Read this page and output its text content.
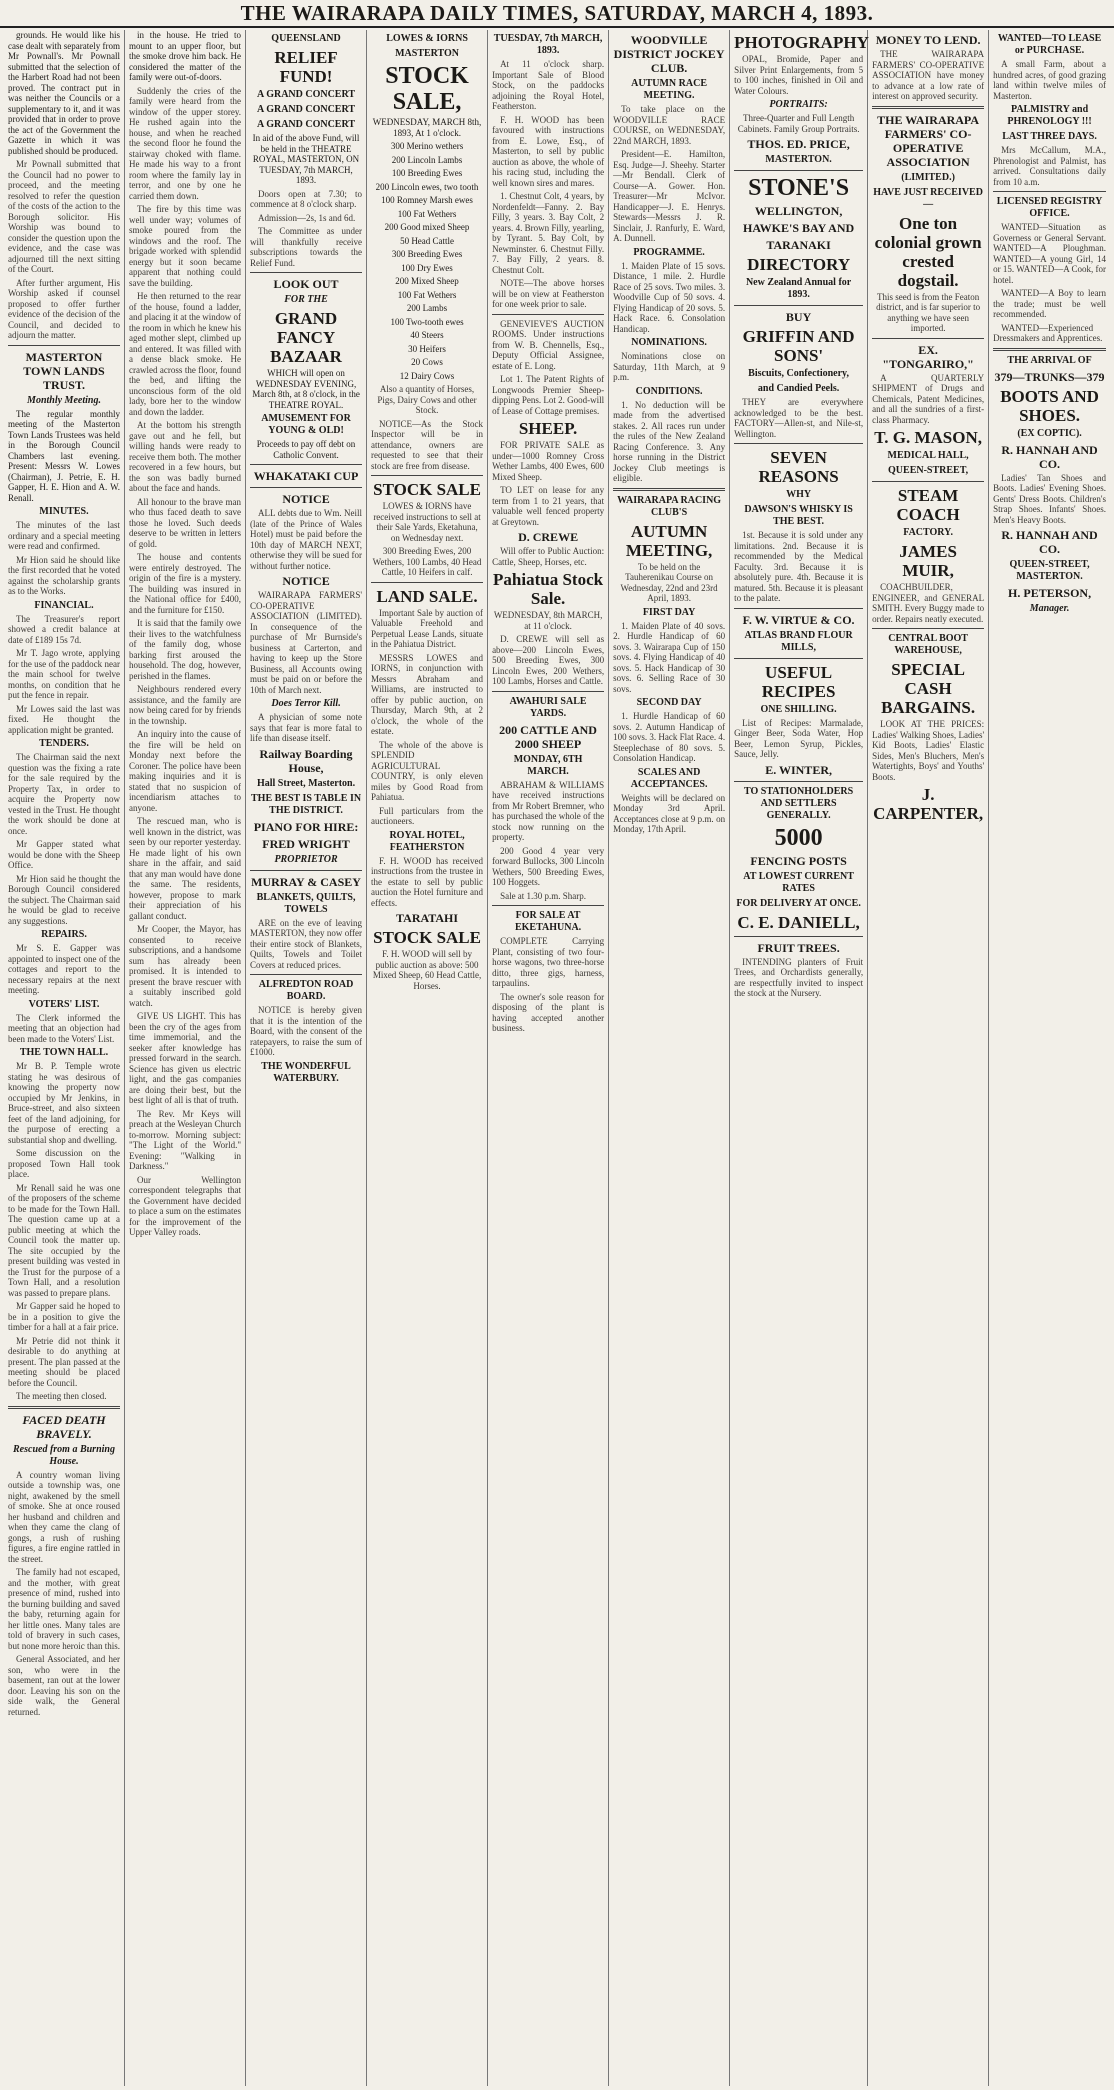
THE WAIRARAPA DAILY TIMES, SATURDAY, MARCH 4, 1893.

grounds. He would like his case dealt with separately from Mr Pownall's. Mr Pownall submitted that the selection of the Harbert Road had not been proved. The contract put in was neither the Councils or a supplementary to it, and it was provided that in order to prove the act of the Government the Gazette in which it was published should be produced.

Mr Pownall submitted that the Council had no power to proceed, and the meeting resolved to refer the question of the costs of the action to the Borough solicitor. His Worship was bound to consider the question upon the evidence, and the case was adjourned till the next sitting of the Court.

After further argument, His Worship asked if counsel proposed to offer further evidence of the decision of the Council, and decided to adjourn the matter.

MASTERTON TOWN LANDS TRUST.
Monthly Meeting.

The regular monthly meeting of the Masterton Town Lands Trustees was held in the Borough Council Chambers last evening. Present: Messrs W. Lowes (Chairman), J. Petrie, E. H. Gapper, H. E. Hion and A. W. Renall.

MINUTES.

The minutes of the last ordinary and a special meeting were read and confirmed.

Mr Hion said he should like the first recorded that he voted against the scholarship grants as to the Works.

FINANCIAL.

The Treasurer's report showed a credit balance at date of £189 15s 7d.

Mr T. Jago wrote, applying for the use of the paddock near the main school for twelve months, on condition that he put the fence in repair.

Mr Lowes said the last was fixed. He thought the application might be granted.

TENDERS.

The Chairman said the next question was the fixing a rate for the sale required by the Property Tax, in order to acquire the Property now vested in the Trust. He thought the work should be done at once.

Mr Gapper stated what would be done with the Sheep Office.

Mr Hion said he thought the Borough Council considered the subject. The Chairman said he would be glad to receive any suggestions.

REPAIRS.

Mr S. E. Gapper was appointed to inspect one of the cottages and report to the necessary repairs at the next meeting.

VOTERS' LIST.

The Clerk informed the meeting that an objection had been made to the Voters' List.

THE TOWN HALL.

Mr B. P. Temple wrote stating he was desirous of knowing the property now occupied by Mr Jenkins, in Bruce-street, and also sixteen feet of the land adjoining, for the purpose of erecting a substantial shop and dwelling.

Some discussion on the proposed Town Hall took place.

Mr Renall said he was one of the proposers of the scheme to be made for the Town Hall. The question came up at a public meeting at which the Council took the matter up. The site occupied by the present building was vested in the Trust for the purpose of a Town Hall, and a resolution was passed to prepare plans.

Mr Gapper said he hoped to be in a position to give the timber for a hall at a fair price.

Mr Petrie did not think it desirable to do anything at present. The plan passed at the meeting should be placed before the Council.

The meeting then closed.

FACED DEATH BRAVELY.
Rescued from a Burning House.

A country woman living outside a township was, one night, awakened by the smell of smoke. She at once roused her husband and children and when they came the clang of gongs, a rush of rushing figures, a fire engine rattled in the street.

The family had not escaped, and the mother, with great presence of mind, rushed into the burning building and saved the baby, returning again for her little ones. Many tales are told of bravery in such cases, but none more heroic than this.

General Associated, and her son, who were in the basement, ran out at the lower door. Leaving his son on the side walk, the General returned.

in the house. He tried to mount to an upper floor, but the smoke drove him back. He considered the matter of the family were out-of-doors.

Suddenly the cries of the family were heard from the window of the upper storey. He rushed again into the house, and when he reached the second floor he found the stairway choked with flame. He made his way to a front room where the family lay in terror, and one by one he carried them down.

The fire by this time was well under way; volumes of smoke poured from the windows and the roof. The brigade worked with splendid energy but it soon became apparent that nothing could save the building.

He then returned to the rear of the house, found a ladder, and placing it at the window of the room in which he knew his aged mother slept, climbed up and entered. It was filled with a dense black smoke. He crawled across the floor, found the bed, and lifting the unconscious form of the old lady, bore her to the window and down the ladder.

At the bottom his strength gave out and he fell, but willing hands were ready to receive them both. The mother recovered in a few hours, but the son was badly burned about the face and hands.

All honour to the brave man who thus faced death to save those he loved. Such deeds deserve to be written in letters of gold.

The house and contents were entirely destroyed. The origin of the fire is a mystery. The building was insured in the National office for £400, and the furniture for £150.

It is said that the family owe their lives to the watchfulness of the family dog, whose barking first aroused the household. The dog, however, perished in the flames.

Neighbours rendered every assistance, and the family are now being cared for by friends in the township.

An inquiry into the cause of the fire will be held on Monday next before the Coroner. The police have been making inquiries and it is stated that no suspicion of incendiarism attaches to anyone.

The rescued man, who is well known in the district, was seen by our reporter yesterday. He made light of his own share in the affair, and said that any man would have done the same. The residents, however, propose to mark their appreciation of his gallant conduct.

Mr Cooper, the Mayor, has consented to receive subscriptions, and a handsome sum has already been promised. It is intended to present the brave rescuer with a suitably inscribed gold watch.

GIVE US LIGHT. This has been the cry of the ages from time immemorial, and the seeker after knowledge has pressed forward in the search. Science has given us electric light, and the gas companies are doing their best, but the best light of all is that of truth.

The Rev. Mr Keys will preach at the Wesleyan Church to-morrow. Morning subject: "The Light of the World." Evening: "Walking in Darkness."

Our Wellington correspondent telegraphs that the Government have decided to place a sum on the estimates for the improvement of the Upper Valley roads.

QUEENSLAND
RELIEF FUND!
A GRAND CONCERT
A GRAND CONCERT
A GRAND CONCERT

In aid of the above Fund, will be held in the THEATRE ROYAL, MASTERTON, ON TUESDAY, 7th MARCH, 1893.

Doors open at 7.30; to commence at 8 o'clock sharp.

Admission—2s, 1s and 6d.

The Committee as under will thankfully receive subscriptions towards the Relief Fund.

LOOK OUT
FOR THE
GRAND FANCY BAZAAR

WHICH will open on WEDNESDAY EVENING, March 8th, at 8 o'clock, in the THEATRE ROYAL.

AMUSEMENT FOR YOUNG & OLD!

Proceeds to pay off debt on Catholic Convent.

WHAKATAKI CUP
NOTICE

ALL debts due to Wm. Neill (late of the Prince of Wales Hotel) must be paid before the 10th day of MARCH NEXT, otherwise they will be sued for without further notice.

NOTICE

WAIRARAPA FARMERS' CO-OPERATIVE ASSOCIATION (LIMITED). In consequence of the purchase of Mr Burnside's business at Carterton, and having to keep up the Store Business, all Accounts owing must be paid on or before the 10th of March next.

Does Terror Kill.

A physician of some note says that fear is more fatal to life than disease itself.

Railway Boarding House,
Hall Street, Masterton.
THE BEST IS TABLE IN THE DISTRICT.
PIANO FOR HIRE:
FRED WRIGHT
PROPRIETOR
MURRAY & CASEY
BLANKETS, QUILTS, TOWELS

ARE on the eve of leaving MASTERTON, they now offer their entire stock of Blankets, Quilts, Towels and Toilet Covers at reduced prices.

ALFREDTON ROAD BOARD.

NOTICE is hereby given that it is the intention of the Board, with the consent of the ratepayers, to raise the sum of £1000.

THE WONDERFUL WATERBURY.
LOWES & IORNS
MASTERTON
STOCK SALE,

WEDNESDAY, MARCH 8th, 1893, At 1 o'clock.

300 Merino wethers

200 Lincoln Lambs

100 Breeding Ewes

200 Lincoln ewes, two tooth

100 Romney Marsh ewes

100 Fat Wethers

200 Good mixed Sheep

50 Head Cattle

300 Breeding Ewes

100 Dry Ewes

200 Mixed Sheep

100 Fat Wethers

200 Lambs

100 Two-tooth ewes

40 Steers

30 Heifers

20 Cows

12 Dairy Cows

Also a quantity of Horses, Pigs, Dairy Cows and other Stock.

NOTICE—As the Stock Inspector will be in attendance, owners are requested to see that their stock are free from disease.

STOCK SALE

LOWES & IORNS have received instructions to sell at their Sale Yards, Eketahuna, on Wednesday next.

300 Breeding Ewes, 200 Wethers, 100 Lambs, 40 Head Cattle, 10 Heifers in calf.

LAND SALE.

Important Sale by auction of Valuable Freehold and Perpetual Lease Lands, situate in the Pahiatua District.

MESSRS LOWES and IORNS, in conjunction with Messrs Abraham and Williams, are instructed to offer by public auction, on Thursday, March 9th, at 2 o'clock, the whole of the estate.

The whole of the above is SPLENDID AGRICULTURAL COUNTRY, is only eleven miles by Good Road from Pahiatua.

Full particulars from the auctioneers.

ROYAL HOTEL, FEATHERSTON

F. H. WOOD has received instructions from the trustee in the estate to sell by public auction the Hotel furniture and effects.

TARATAHI
STOCK SALE

F. H. WOOD will sell by public auction as above: 500 Mixed Sheep, 60 Head Cattle, Horses.

TUESDAY, 7th MARCH, 1893.

At 11 o'clock sharp. Important Sale of Blood Stock, on the paddocks adjoining the Royal Hotel, Featherston.

F. H. WOOD has been favoured with instructions from E. Lowe, Esq., of Masterton, to sell by public auction as above, the whole of his racing stud, including the well known sires and mares.

1. Chestnut Colt, 4 years, by Nordenfeldt—Fanny. 2. Bay Filly, 3 years. 3. Bay Colt, 2 years. 4. Brown Filly, yearling, by Tyrant. 5. Bay Colt, by Newminster. 6. Chestnut Filly. 7. Bay Filly, 2 years. 8. Chestnut Colt.

NOTE—The above horses will be on view at Featherston for one week prior to sale.

GENEVIEVE'S AUCTION ROOMS. Under instructions from W. B. Chennells, Esq., Deputy Official Assignee, estate of E. Long.

Lot 1. The Patent Rights of Longwoods Premier Sheep-dipping Pens. Lot 2. Good-will of Lease of Cottage premises.

SHEEP.

FOR PRIVATE SALE as under—1000 Romney Cross Wether Lambs, 400 Ewes, 600 Mixed Sheep.

TO LET on lease for any term from 1 to 21 years, that valuable well fenced property at Greytown.

D. CREWE

Will offer to Public Auction: Cattle, Sheep, Horses, etc.

Pahiatua Stock Sale.

WEDNESDAY, 8th MARCH, at 11 o'clock.

D. CREWE will sell as above—200 Lincoln Ewes, 500 Breeding Ewes, 300 Lincoln Ewes, 200 Wethers, 100 Lambs, Horses and Cattle.

AWAHURI SALE YARDS.
200 CATTLE AND 2000 SHEEP
MONDAY, 6TH MARCH.

ABRAHAM & WILLIAMS have received instructions from Mr Robert Bremner, who has purchased the whole of the stock now running on the property.

200 Good 4 year very forward Bullocks, 300 Lincoln Wethers, 500 Breeding Ewes, 100 Hoggets.

Sale at 1.30 p.m. Sharp.

FOR SALE AT EKETAHUNA.

COMPLETE Carrying Plant, consisting of two four-horse wagons, two three-horse ditto, three gigs, harness, tarpaulins.

The owner's sole reason for disposing of the plant is having accepted another business.

WOODVILLE DISTRICT JOCKEY CLUB.
AUTUMN RACE MEETING.

To take place on the WOODVILLE RACE COURSE, on WEDNESDAY, 22nd MARCH, 1893.

President—E. Hamilton, Esq. Judge—J. Sheehy. Starter—Mr Bendall. Clerk of Course—A. Gower. Hon. Treasurer—Mr McIvor. Handicapper—J. E. Henrys. Stewards—Messrs J. R. Sinclair, J. Ranfurly, E. Ward, A. Dunnell.

PROGRAMME.

1. Maiden Plate of 15 sovs. Distance, 1 mile. 2. Hurdle Race of 25 sovs. Two miles. 3. Woodville Cup of 50 sovs. 4. Flying Handicap of 20 sovs. 5. Hack Race. 6. Consolation Handicap.

NOMINATIONS.

Nominations close on Saturday, 11th March, at 9 p.m.

CONDITIONS.

1. No deduction will be made from the advertised stakes. 2. All races run under the rules of the New Zealand Racing Conference. 3. Any horse running in the District Jockey Club meetings is eligible.

WAIRARAPA RACING CLUB'S
AUTUMN MEETING,

To be held on the Tauherenikau Course on Wednesday, 22nd and 23rd April, 1893.

FIRST DAY

1. Maiden Plate of 40 sovs. 2. Hurdle Handicap of 60 sovs. 3. Wairarapa Cup of 150 sovs. 4. Flying Handicap of 40 sovs. 5. Hack Handicap of 30 sovs. 6. Selling Race of 30 sovs.

SECOND DAY

1. Hurdle Handicap of 60 sovs. 2. Autumn Handicap of 100 sovs. 3. Hack Flat Race. 4. Steeplechase of 80 sovs. 5. Consolation Handicap.

SCALES AND ACCEPTANCES.

Weights will be declared on Monday 3rd April. Acceptances close at 9 p.m. on Monday, 17th April.

PHOTOGRAPHY

OPAL, Bromide, Paper and Silver Print Enlargements, from 5 to 100 inches, finished in Oil and Water Colours.

PORTRAITS:

Three-Quarter and Full Length Cabinets. Family Group Portraits.

THOS. ED. PRICE,
MASTERTON.
STONE'S
WELLINGTON,
HAWKE'S BAY AND
TARANAKI
DIRECTORY
New Zealand Annual for 1893.
BUY
GRIFFIN AND SONS'
Biscuits, Confectionery,
and Candied Peels.

THEY are everywhere acknowledged to be the best. FACTORY—Allen-st, and Nile-st, Wellington.

SEVEN REASONS
WHY
DAWSON'S WHISKY IS THE BEST.

1st. Because it is sold under any limitations. 2nd. Because it is recommended by the Medical Faculty. 3rd. Because it is absolutely pure. 4th. Because it is matured. 5th. Because it is pleasant to the palate.

F. W. VIRTUE & CO.
ATLAS BRAND FLOUR MILLS,
USEFUL RECIPES
ONE SHILLING.

List of Recipes: Marmalade, Ginger Beer, Soda Water, Hop Beer, Lemon Syrup, Pickles, Sauce, Jelly.

E. WINTER,
TO STATIONHOLDERS AND SETTLERS GENERALLY.
5000
FENCING POSTS
AT LOWEST CURRENT RATES
FOR DELIVERY AT ONCE.
C. E. DANIELL,
FRUIT TREES.

INTENDING planters of Fruit Trees, and Orchardists generally, are respectfully invited to inspect the stock at the Nursery.

MONEY TO LEND.

THE WAIRARAPA FARMERS' CO-OPERATIVE ASSOCIATION have money to advance at a low rate of interest on approved security.

THE WAIRARAPA FARMERS' CO-OPERATIVE ASSOCIATION
(LIMITED.)
HAVE JUST RECEIVED—
One ton colonial grown crested dogstail.

This seed is from the Featon district, and is far superior to anything we have seen imported.

EX. "TONGARIRO,"

A QUARTERLY SHIPMENT of Drugs and Chemicals, Patent Medicines, and all the sundries of a first-class Pharmacy.

T. G. MASON,
MEDICAL HALL,
QUEEN-STREET,
STEAM COACH
FACTORY.
JAMES MUIR,

COACHBUILDER, ENGINEER, and GENERAL SMITH. Every Buggy made to order. Repairs neatly executed.

CENTRAL BOOT WAREHOUSE,
SPECIAL CASH BARGAINS.

LOOK AT THE PRICES: Ladies' Walking Shoes, Ladies' Kid Boots, Ladies' Elastic Sides, Men's Bluchers, Men's Watertights, Boys' and Youths' Boots.

J. CARPENTER,
WANTED—TO LEASE or PURCHASE.

A small Farm, about a hundred acres, of good grazing land within twelve miles of Masterton.

PALMISTRY and PHRENOLOGY !!!
LAST THREE DAYS.

Mrs McCallum, M.A., Phrenologist and Palmist, has arrived. Consultations daily from 10 a.m.

LICENSED REGISTRY OFFICE.

WANTED—Situation as Governess or General Servant. WANTED—A Ploughman. WANTED—A young Girl, 14 or 15. WANTED—A Cook, for hotel.

WANTED—A Boy to learn the trade; must be well recommended.

WANTED—Experienced Dressmakers and Apprentices.

THE ARRIVAL OF
379—TRUNKS—379
BOOTS AND SHOES.
(EX COPTIC).
R. HANNAH AND CO.

Ladies' Tan Shoes and Boots. Ladies' Evening Shoes. Gents' Dress Boots. Children's Strap Shoes. Infants' Shoes. Men's Heavy Boots.

R. HANNAH AND CO.
QUEEN-STREET, MASTERTON.
H. PETERSON,
Manager.
